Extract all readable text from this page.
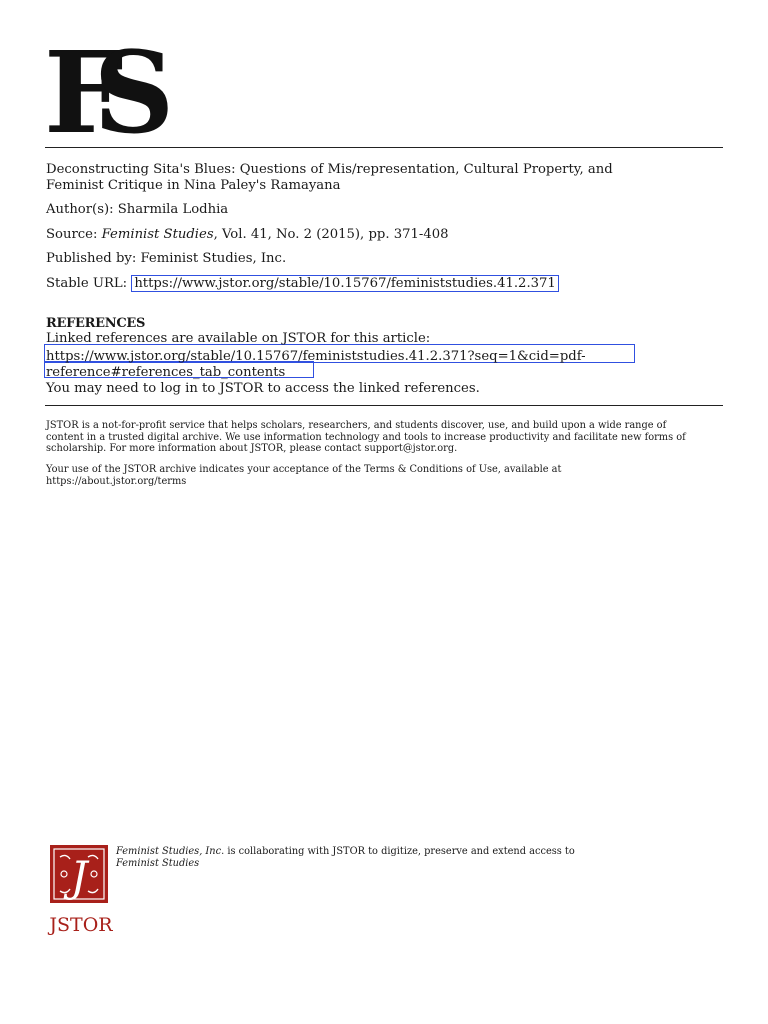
FS
Deconstructing Sita's Blues: Questions of Mis/representation, Cultural Property, and
Feminist Critique in Nina Paley's Ramayana
Author(s): Sharmila Lodhia
Source: Feminist Studies, Vol. 41, No. 2 (2015), pp. 371-408
Published by: Feminist Studies, Inc.
Stable URL: https://www.jstor.org/stable/10.15767/feministstudies.41.2.371
REFERENCES
Linked references are available on JSTOR for this article:
https://www.jstor.org/stable/10.15767/feministstudies.41.2.371?seq=1&cid=pdf-
reference#references_tab_contents
You may need to log in to JSTOR to access the linked references.
JSTOR is a not-for-profit service that helps scholars, researchers, and students discover, use, and build upon a wide range of content in a trusted digital archive. We use information technology and tools to increase productivity and facilitate new forms of scholarship. For more information about JSTOR, please contact support@jstor.org.
Your use of the JSTOR archive indicates your acceptance of the Terms & Conditions of Use, available at https://about.jstor.org/terms
J
JSTOR
Feminist Studies, Inc. is collaborating with JSTOR to digitize, preserve and extend access to
Feminist Studies
